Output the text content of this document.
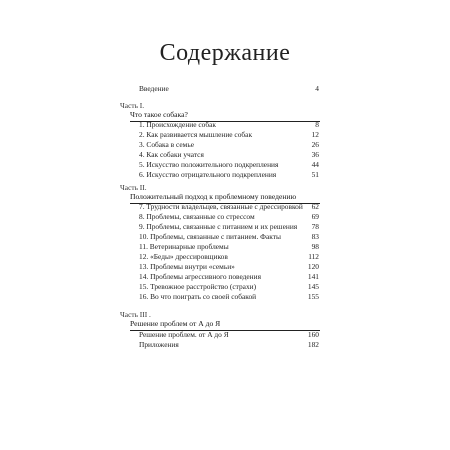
Содержание
Введение	4
Часть I.
Что такое собака?
1. Происхождение собак	8
2. Как развивается мышление собак	12
3. Собака в семье	26
4. Как собаки учатся	36
5. Искусство положительного подкрепления	44
6. Искусство отрицательного подкрепления	51
Часть II.
Положительный подход к проблемному поведению
7. Трудности владельцев, связанные с дрессировкой 62
8. Проблемы, связанные со стрессом	69
9. Проблемы, связанные с питанием и их решения 78
10. Проблемы, связанные с питанием. Факты	83
11. Ветеринарные проблемы	98
12. «Беды» дрессировщиков	112
13. Проблемы внутри «семьи»	120
14. Проблемы агрессивного поведения	141
15. Тревожное расстройство (страхи)	145
16. Во что поиграть со своей собакой	155
Часть III .
Решение проблем от А до Я
Решение проблем. от А до Я	160
Приложения	182
